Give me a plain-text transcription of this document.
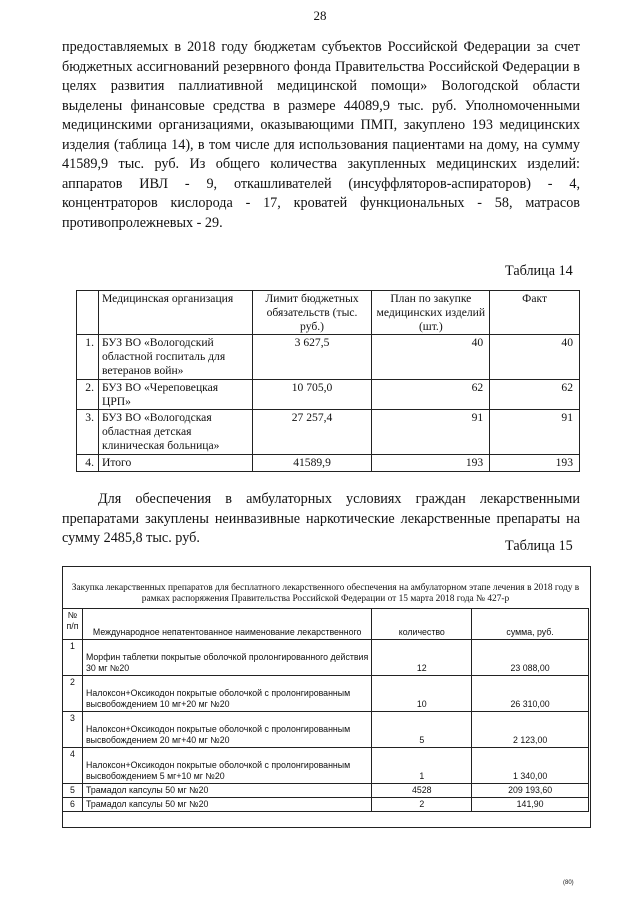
28

предоставляемых в 2018 году бюджетам субъектов Российской Федерации за счет бюджетных ассигнований резервного фонда Правительства Российской Федерации в целях развития паллиативной медицинской помощи» Вологодской области выделены финансовые средства в размере 44089,9 тыс. руб. Уполномоченными медицинскими организациями, оказывающими ПМП, закуплено 193 медицинских изделия (таблица 14), в том числе для использования пациентами на дому, на сумму 41589,9 тыс. руб. Из общего количества закупленных медицинских изделий: аппаратов ИВЛ - 9, откашливателей (инсуффляторов-аспираторов) - 4, концентраторов кислорода - 17, кроватей функциональных - 58, матрасов противопролежневых - 29.

Таблица 14
	Медицинская организация	Лимит бюджетных обязательств (тыс. руб.)	План по закупке медицинских изделий (шт.)	Факт
1.	БУЗ ВО «Вологодский областной госпиталь для ветеранов войн»	3 627,5	40	40
2.	БУЗ ВО «Череповецкая ЦРП»	10 705,0	62	62
3.	БУЗ ВО «Вологодская областная детская клиническая больница»	27 257,4	91	91
4.	Итого	41589,9	193	193

Для обеспечения в амбулаторных условиях граждан лекарственными препаратами закуплены неинвазивные наркотические лекарственные препараты на сумму 2485,8 тыс. руб.	Таблица 15
Закупка лекарственных препаратов для бесплатного лекарственного обеспечения на амбулаторном этапе лечения в 2018 году в рамках распоряжения Правительства Российской Федерации от 15 марта 2018 года № 427-р
№ п/п	Международное непатентованное наименование лекарственного	количество	сумма, руб.
1	Морфин таблетки покрытые оболочкой пролонгированного действия 30 мг №20	12	23 088,00
2	Налоксон+Оксикодон покрытые оболочкой с пролонгированным высвобождением 10 мг+20 мг №20	10	26 310,00
3	Налоксон+Оксикодон покрытые оболочкой с пролонгированным высвобождением 20 мг+40 мг №20	5	2 123,00
4	Налоксон+Оксикодон покрытые оболочкой с пролонгированным высвобождением 5 мг+10 мг №20	1	1 340,00
5	Трамадол капсулы 50 мг №20	4528	209 193,60
6	Трамадол капсулы 50 мг №20	2	141,90
(80)
